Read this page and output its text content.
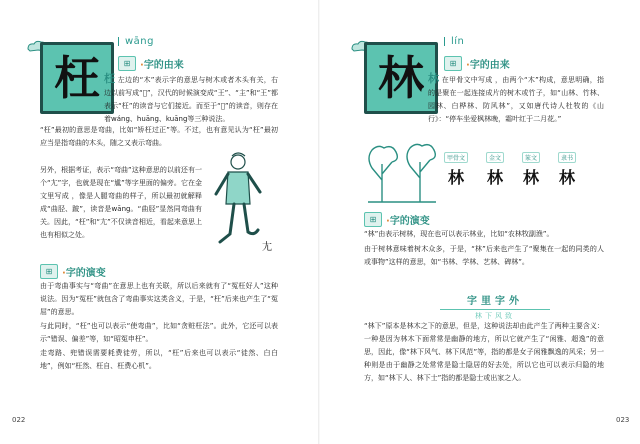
枉
wāng
⊞ ·字的由来
枉 左边的“木”表示字的意思与树木或者木头有关，右边以前写成“𡉉”，汉代的时候演变成“王”、“主”和“王”都表示“枉”的读音与它们接近。而至于“𡉉”的读音，则存在着wáng、huāng、kuāng等三种说法。
“枉”最初的意思是弯曲，比如“矫枉过正”等。不过，也有意见认为“枉”最初应当是指弯曲的木头，随之又表示弯曲。
另外，根据考证，表示“弯曲”这种意思的以前还有一个“尢”字，也就是现在“尴”等字里面的偏旁。它在金文里写成 ，像是人腿弯曲的样子，所以最初就解释成“曲胫、跛”，读音是wāng。“曲胫”显然同弯曲有关。因此，“枉”和“尢”不仅读音相近，看起来意思上也有相似之处。
尢
⊞ ·字的演变
由于弯曲事实与“弯曲”在意思上也有关联，所以后来就有了“冤枉好人”这种说法。因为“冤枉”就包含了弯曲事实这类含义，于是，“枉”后来也产生了“冤屈”的意思。
与此同时，“枉”也可以表示“使弯曲”，比如“贪赃枉法”。此外，它还可以表示“错误、偏差”等，如“昭冤申枉”。
走弯路、兜错误需要耗费徒劳，所以，“枉”后来也可以表示“徒然、白白地”，例如“枉然、枉自、枉费心机”。
022
林
lín
⊞ ·字的由来
林 在甲骨文中写成 ，由两个“木”构成，意思明确，指的是聚在一起连接成片的树木或竹子，如“山林、竹林、园林、白桦林、防风林”，又如唐代诗人杜牧的《山行》：“停车坐爱枫林晚，霜叶红于二月花。”
甲骨文
林
金文
林
篆文
林
隶书
林
⊞ ·字的演变
“林”由表示树林，现在也可以表示林业，比如“农林牧副渔”。
由于树林意味着树木众多，于是，“林”后来也产生了“聚集在一起的同类的人或事物”这样的意思，如“书林、学林、艺林、碑林”。
字里字外
林下风致
“林下”原本是林木之下的意思，但是，这种说法却由此产生了两种主要含义：一种是因为林木下面常常是幽静的地方，所以它就产生了“闲雅、超逸”的意思，因此，像“林下风气、林下风范”等，指的都是女子闲雅飘逸的风采；另一种则是由于幽静之处常常是隐士隐居的好去处，所以它也可以表示归隐的地方，如“林下人、林下士”指的都是隐士或出家之人。
023
